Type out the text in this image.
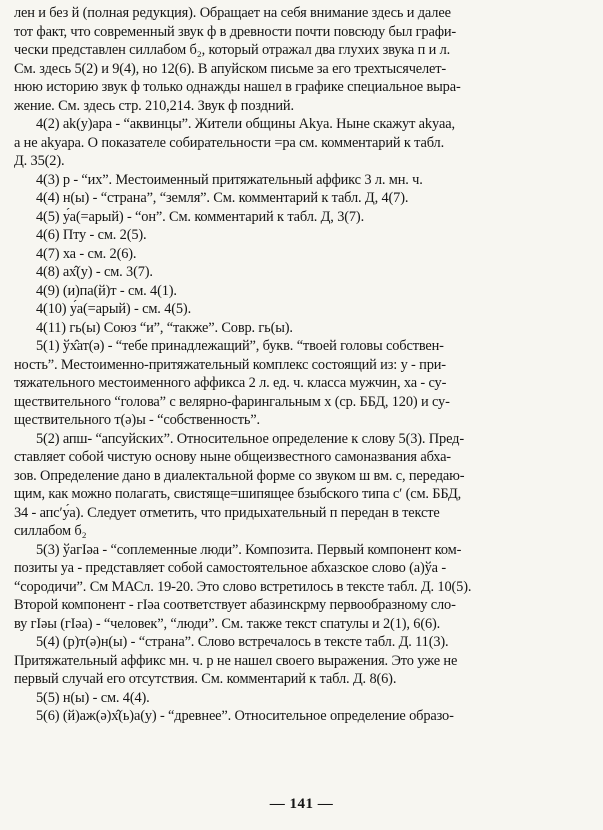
лен и без й (полная редукция). Обращает на себя внимание здесь и далее
тот факт, что современный звук ф в древности почти повсюду был графи-
чески представлен силлабом б₂, который отражал два глухих звука п и л.
См. здесь 5(2) и 9(4), но 12(6). В апуйском письме за его трехтысячелет-
нюю историю звук ф только однажды нашел в графике специальное выра-
жение. См. здесь стр. 210,214. Звук ф поздний.
4(2) ak(y)ара - “аквинцы”. Жители общины Akya. Ныне скажут akyaa,
а не akyapa. О показателе собирательности =ра см. комментарий к табл.
Д. 35(2).
4(3) р - “их”. Местоименный притяжательный аффикс 3 л. мн. ч.
4(4) н(ы) - “страна”, “земля”. См. комментарий к табл. Д, 4(7).
4(5) у́а(=арый) - “он”. См. комментарий к табл. Д, 3(7).
4(6) Пту - см. 2(5).
4(7) ха - см. 2(6).
4(8) ах̂(у) - см. 3(7).
4(9) (и)па(й)т - см. 4(1).
4(10) у́а(=арый) - см. 4(5).
4(11) гь(ы) Союз “и”, “также”. Совр. гь(ы).
5(1) ўх̂ат(ә) - “тебе принадлежащий”, букв. “твоей головы собствен-
ность”. Местоименно-притяжательный комплекс состоящий из: у - при-
тяжательного местоименного аффикса 2 л. ед. ч. класса мужчин, ха - су-
ществительного “голова” с велярно-фарингальным х (ср. ББД, 120) и су-
ществительного т(ә)ы - “собственность”.
5(2) апш- “апсуйских”. Относительное определение к слову 5(3). Пред-
ставляет собой чистую основу ныне общеизвестного самоназвания абха-
зов. Определение дано в диалектальной форме со звуком ш вм. с, передаю-
щим, как можно полагать, свистяще=шипящее бзыбского типа с′ (см. ББД,
34 - апс′у́а). Следует отметить, что придыхательный п передан в тексте
силлабом б₂
5(3) ўагIәа - “соплеменные люди”. Композита. Первый компонент ком-
позиты уа - представляет собой самостоятельное абхазское слово (а)ўа -
“сородичи”. См МАСл. 19-20. Это слово встретилось в тексте табл. Д. 10(5).
Второй компонент - гIәа соответствует абазинскрму первообразному сло-
ву гIәы (гIәа) - “человек”, “люди”. См. также текст спатулы и 2(1), 6(6).
5(4) (р)т(ә)н(ы) - “страна”. Слово встречалось в тексте табл. Д. 11(3).
Притяжательный аффикс мн. ч. р не нашел своего выражения. Это уже не
первый случай его отсутствия. См. комментарий к табл. Д. 8(6).
5(5) н(ы) - см. 4(4).
5(6) (й)аж(ә)х̂(ь)а(у) - “древнее”. Относительное определение образо-
— 141 —
